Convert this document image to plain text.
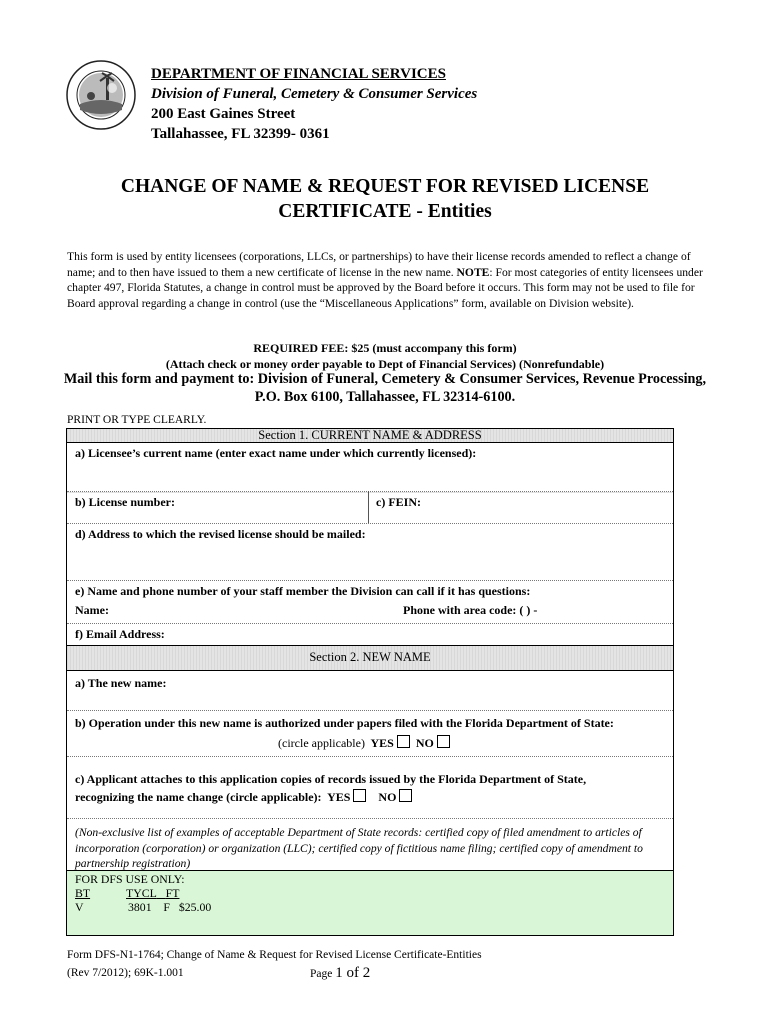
DEPARTMENT OF FINANCIAL SERVICES
Division of Funeral, Cemetery & Consumer Services
200 East Gaines Street
Tallahassee, FL 32399- 0361
CHANGE OF NAME & REQUEST FOR REVISED LICENSE
CERTIFICATE - Entities
This form is used by entity licensees (corporations, LLCs, or partnerships) to have their license records amended to reflect a change of name; and to then have issued to them a new certificate of license in the new name. NOTE: For most categories of entity licensees under chapter 497, Florida Statutes, a change in control must be approved by the Board before it occurs. This form may not be used to file for Board approval regarding a change in control (use the “Miscellaneous Applications” form, available on Division website).
REQUIRED FEE: $25 (must accompany this form)
(Attach check or money order payable to Dept of Financial Services) (Nonrefundable)
Mail this form and payment to: Division of Funeral, Cemetery & Consumer Services, Revenue Processing,
P.O. Box 6100, Tallahassee, FL 32314-6100.
PRINT OR TYPE CLEARLY.
Section 1. CURRENT NAME & ADDRESS
a) Licensee’s current name (enter exact name under which currently licensed):
b) License number:	c) FEIN:
d) Address to which the revised license should be mailed:
e) Name and phone number of your staff member the Division can call if it has questions:
Name:	Phone with area code: ( ) -
f) Email Address:
Section 2. NEW NAME
a) The new name:
b) Operation under this new name is authorized under papers filed with the Florida Department of State:
(circle applicable) YES NO
c) Applicant attaches to this application copies of records issued by the Florida Department of State,
recognizing the name change (circle applicable): YES NO
(Non-exclusive list of examples of acceptable Department of State records: certified copy of filed amendment to articles of incorporation (corporation) or organization (LLC); certified copy of fictitious name filing; certified copy of amendment to partnership registration)
FOR DFS USE ONLY:
BT	TYCL FT
V	3801 F $25.00
Form DFS-N1-1764; Change of Name & Request for Revised License Certificate-Entities
(Rev 7/2012); 69K-1.001	Page 1 of 2
